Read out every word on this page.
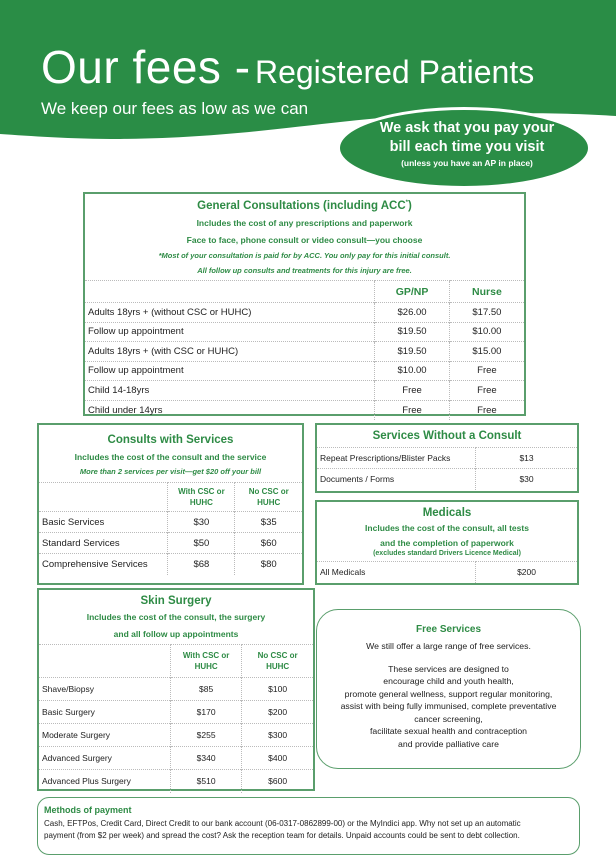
Our fees - Registered Patients
We keep our fees as low as we can
We ask that you pay your
bill each time you visit
(unless you have an AP in place)
General Consultations (including ACC*)
Includes the cost of any prescriptions and paperwork
Face to face, phone consult or video consult—you choose
*Most of your consultation is paid for by ACC. You only pay for this initial consult.
All follow up consults and treatments for this injury are free.
	GP/NP	Nurse
Adults 18yrs + (without CSC or HUHC)	$26.00	$17.50
Follow up appointment	$19.50	$10.00
Adults 18yrs + (with CSC or HUHC)	$19.50	$15.00
Follow up appointment	$10.00	Free
Child 14-18yrs	Free	Free
Child under 14yrs	Free	Free
Consults with Services
Includes the cost of the consult and the service
More than 2 services per visit—get $20 off your bill
	With CSC or
HUHC	No CSC or
HUHC
Basic Services	$30	$35
Standard Services	$50	$60
Comprehensive Services	$68	$80
Services Without a Consult
Repeat Prescriptions/Blister Packs	$13
Documents / Forms	$30
Medicals
Includes the cost of the consult, all tests
and the completion of paperwork
(excludes standard Drivers Licence Medical)
All Medicals	$200
Skin Surgery
Includes the cost of the consult, the surgery
and all follow up appointments
	With CSC or
HUHC	No CSC or
HUHC
Shave/Biopsy	$85	$100
Basic Surgery	$170	$200
Moderate Surgery	$255	$300
Advanced Surgery	$340	$400
Advanced Plus Surgery	$510	$600
Free Services
We still offer a large range of free services.
These services are designed to
encourage child and youth health,
promote general wellness, support regular monitoring,
assist with being fully immunised, complete preventative
cancer screening,
facilitate sexual health and contraception
and provide palliative care
Methods of payment
Cash, EFTPos, Credit Card, Direct Credit to our bank account (06-0317-0862899-00) or the MyIndici app. Why not set up an automatic
payment (from $2 per week) and spread the cost? Ask the reception team for details. Unpaid accounts could be sent to debt collection.
